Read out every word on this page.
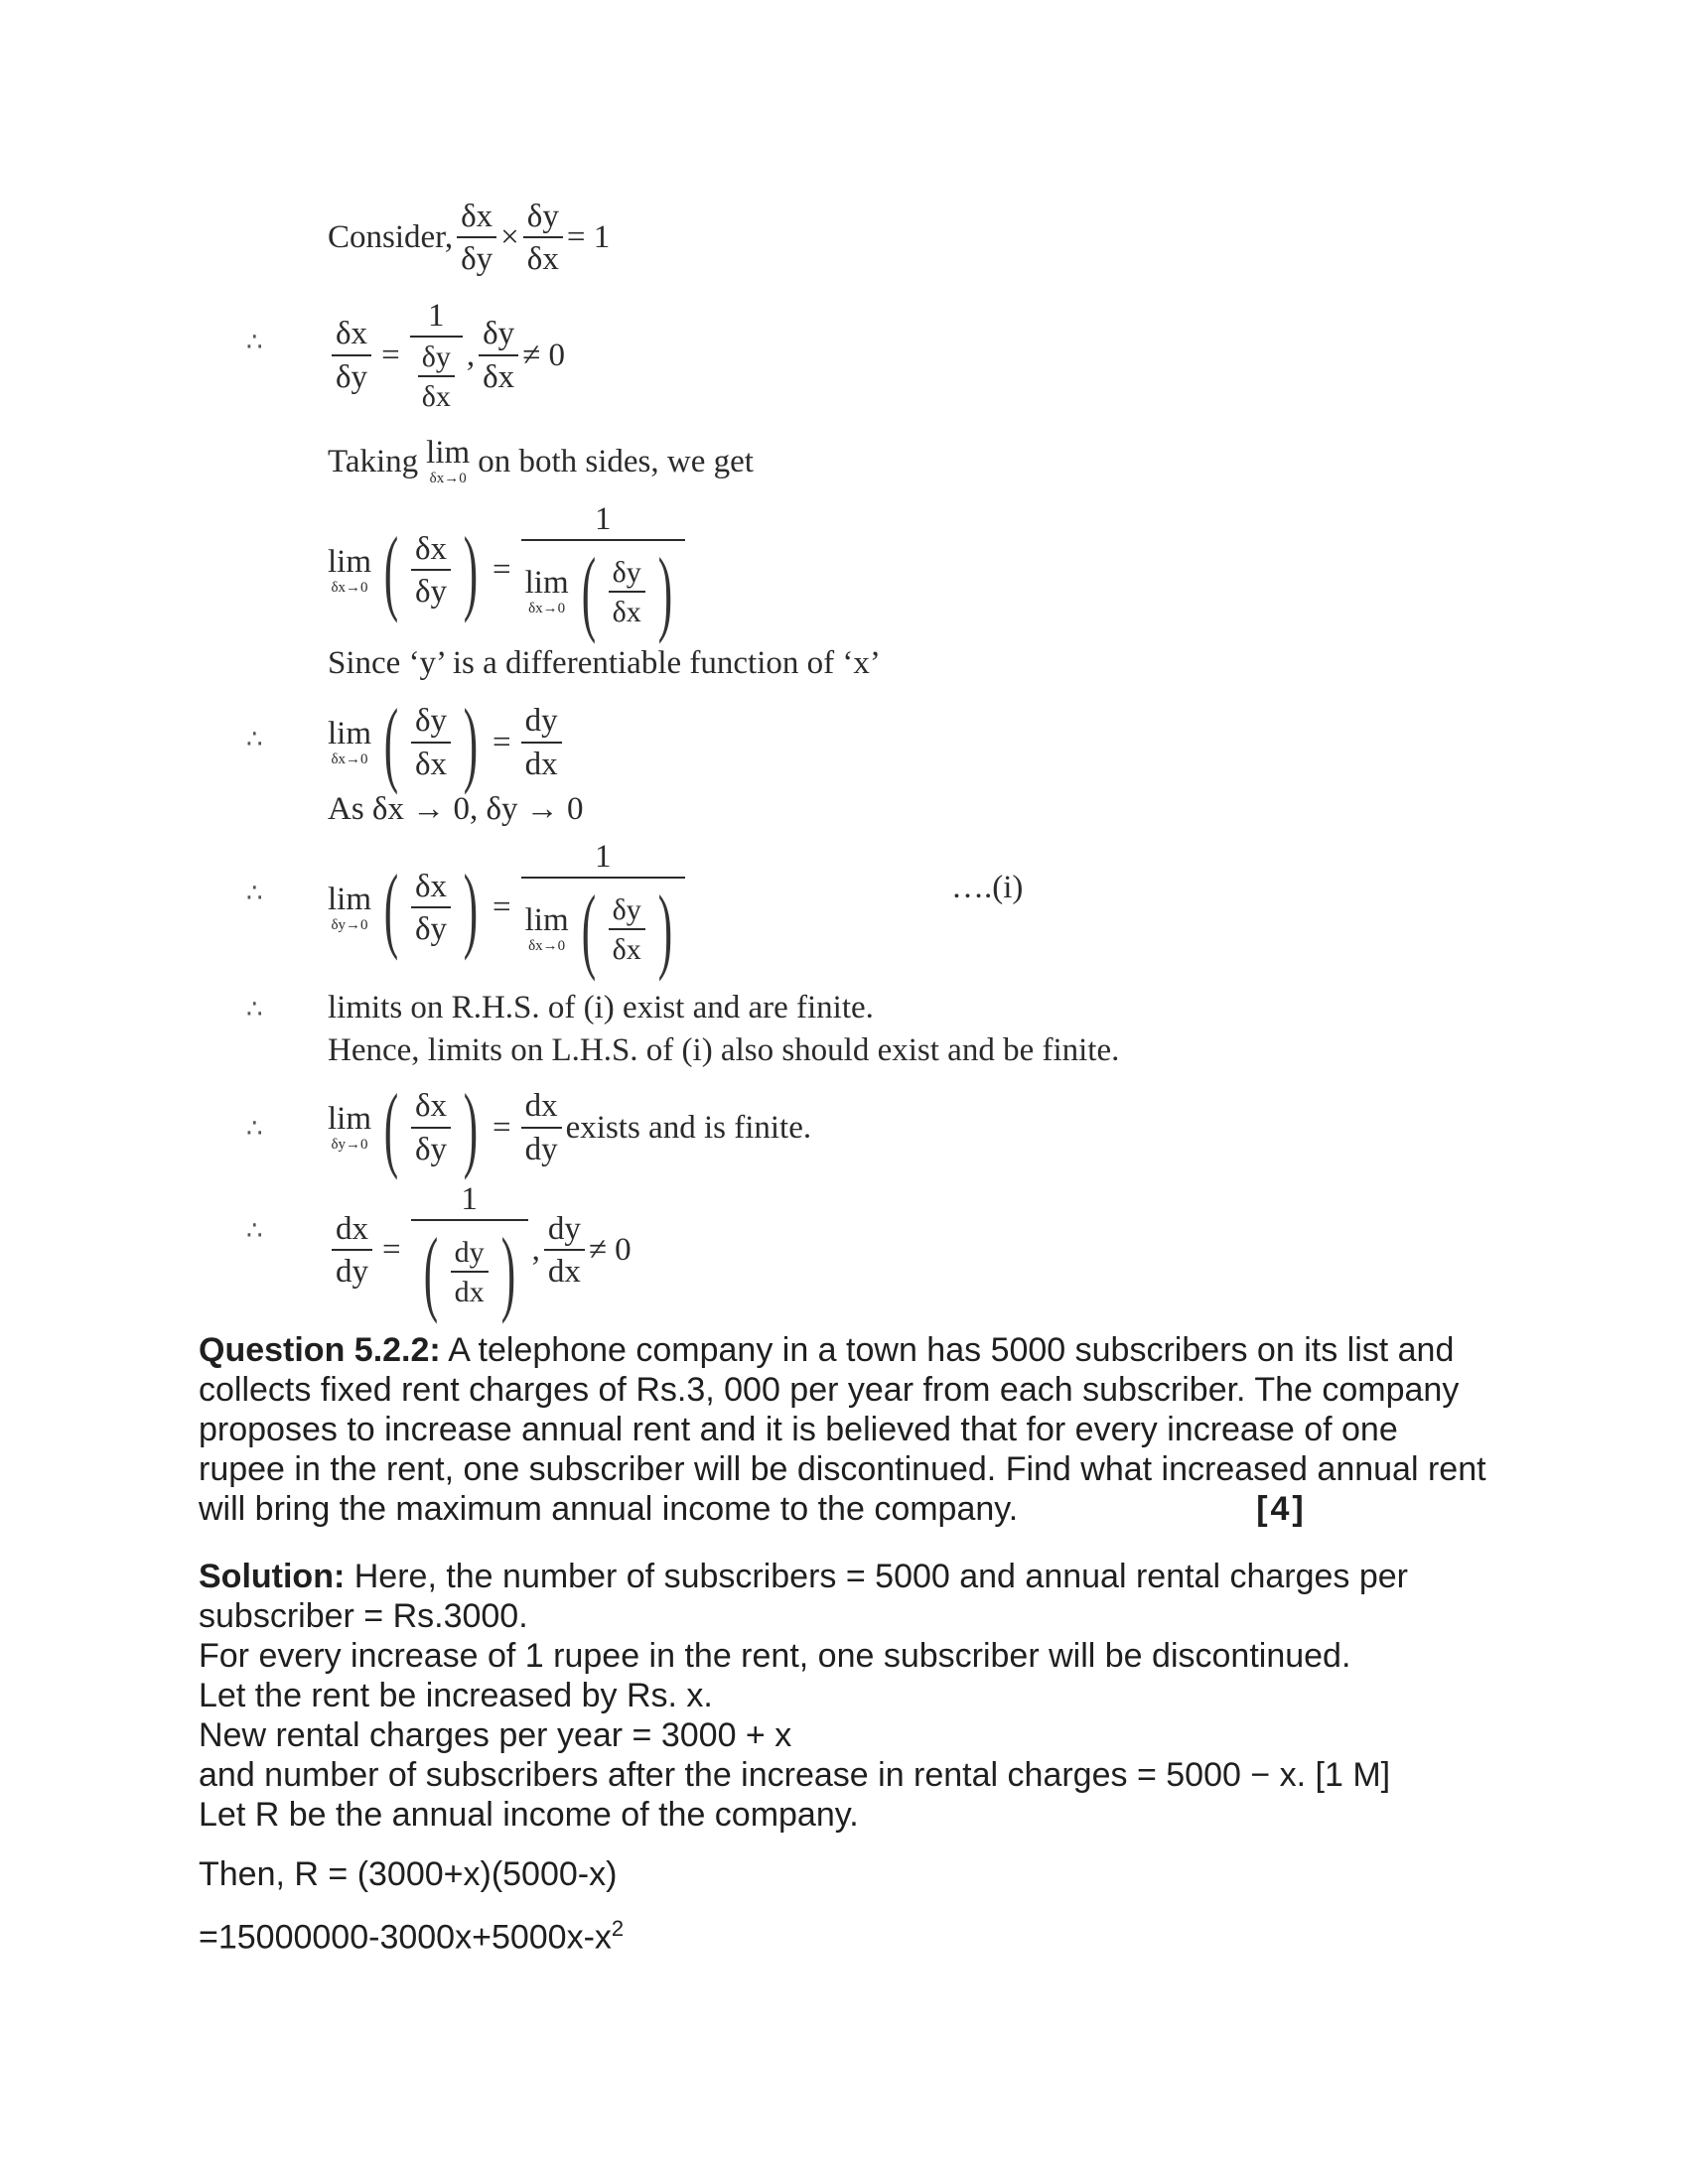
Consider, $\frac{\delta x}{\delta y} \times \frac{\delta y}{\delta x} = 1$
∴ $\frac{\delta x}{\delta y} = \frac{1}{\frac{\delta y}{\delta x}}$ , $\frac{\delta y}{\delta x} \ne 0$
Taking lim
δx→0 on both sides, we get
lim
δx→0 ( $\frac{\delta x}{\delta y}$ ) = 1
lim
δx→0 ( $\frac{\delta y}{\delta x}$ )
Since ‘y’ is a differentiable function of ‘x’
∴ lim
δx→0 ( $\frac{\delta y}{\delta x}$ ) = $\frac{dy}{dx}$
As δx → 0, δy → 0
∴ lim
δy→0 ( $\frac{\delta x}{\delta y}$ ) = 1
lim
δx→0 ( $\frac{\delta y}{\delta x}$ )	….(i)
∴ limits on R.H.S. of (i) exist and are finite.
Hence, limits on L.H.S. of (i) also should exist and be finite.
∴ lim
δy→0 ( $\frac{\delta x}{\delta y}$ ) = $\frac{dx}{dy}$ exists and is finite.
∴ $\frac{dx}{dy} = \frac{1}{( \frac{dy}{dx} )}$ , $\frac{dy}{dx} \ne 0$
Question 5.2.2: A telephone company in a town has 5000 subscribers on its list and collects fixed rent charges of Rs.3, 000 per year from each subscriber. The company proposes to increase annual rent and it is believed that for every increase of one rupee in the rent, one subscriber will be discontinued. Find what increased annual rent will bring the maximum annual income to the company.	[4]
Solution: Here, the number of subscribers = 5000 and annual rental charges per subscriber = Rs.3000.
For every increase of 1 rupee in the rent, one subscriber will be discontinued.
Let the rent be increased by Rs. x.
New rental charges per year = 3000 + x
and number of subscribers after the increase in rental charges = 5000 − x. [1 M]
Let R be the annual income of the company.
Then, R = (3000+x)(5000-x)
$=15000000-3000x+5000x-x^2$
